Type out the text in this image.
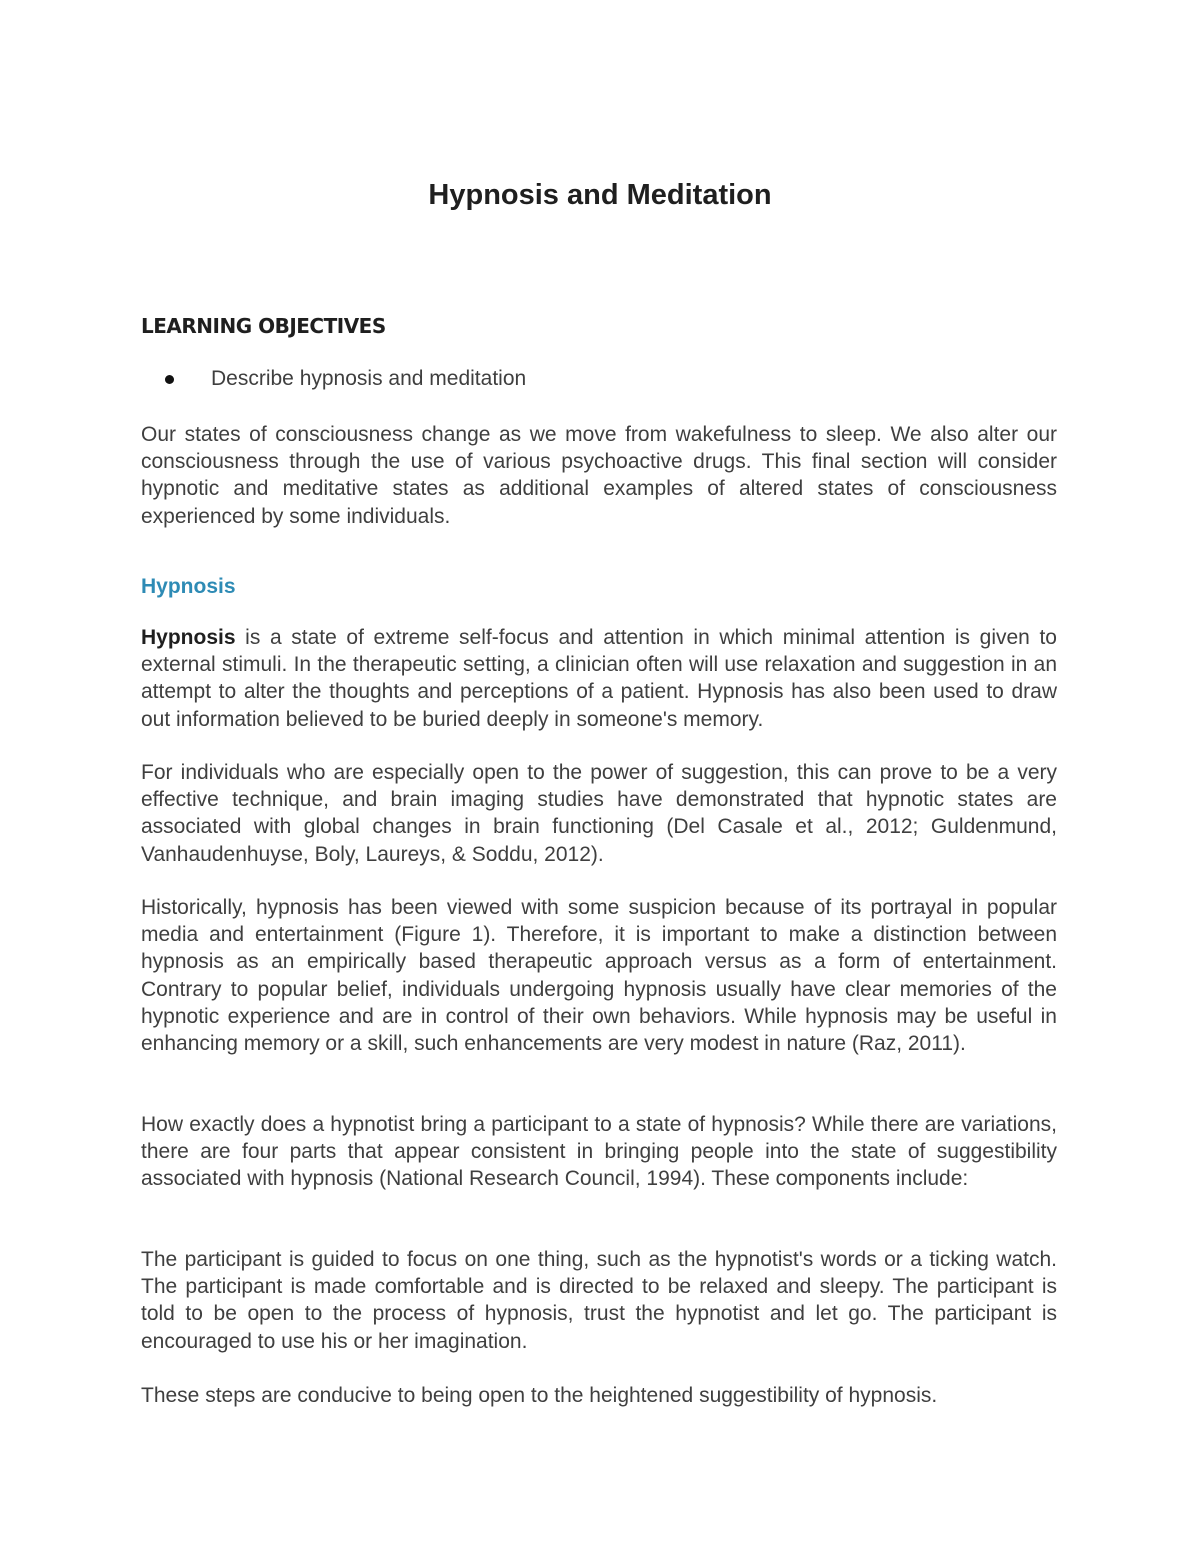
Hypnosis and Meditation
LEARNING OBJECTIVES
Describe hypnosis and meditation

Our states of consciousness change as we move from wakefulness to sleep. We also alter our consciousness through the use of various psychoactive drugs. This final section will consider hypnotic and meditative states as additional examples of altered states of consciousness experienced by some individuals.

Hypnosis

Hypnosis is a state of extreme self-focus and attention in which minimal attention is given to external stimuli. In the therapeutic setting, a clinician often will use relaxation and suggestion in an attempt to alter the thoughts and perceptions of a patient. Hypnosis has also been used to draw out information believed to be buried deeply in someone's memory.

For individuals who are especially open to the power of suggestion, this can prove to be a very effective technique, and brain imaging studies have demonstrated that hypnotic states are associated with global changes in brain functioning (Del Casale et al., 2012; Guldenmund, Vanhaudenhuyse, Boly, Laureys, & Soddu, 2012).

Historically, hypnosis has been viewed with some suspicion because of its portrayal in popular media and entertainment (Figure 1). Therefore, it is important to make a distinction between hypnosis as an empirically based therapeutic approach versus as a form of entertainment. Contrary to popular belief, individuals undergoing hypnosis usually have clear memories of the hypnotic experience and are in control of their own behaviors. While hypnosis may be useful in enhancing memory or a skill, such enhancements are very modest in nature (Raz, 2011).

How exactly does a hypnotist bring a participant to a state of hypnosis? While there are variations, there are four parts that appear consistent in bringing people into the state of suggestibility associated with hypnosis (National Research Council, 1994). These components include:

The participant is guided to focus on one thing, such as the hypnotist's words or a ticking watch. The participant is made comfortable and is directed to be relaxed and sleepy. The participant is told to be open to the process of hypnosis, trust the hypnotist and let go. The participant is encouraged to use his or her imagination.

These steps are conducive to being open to the heightened suggestibility of hypnosis.
